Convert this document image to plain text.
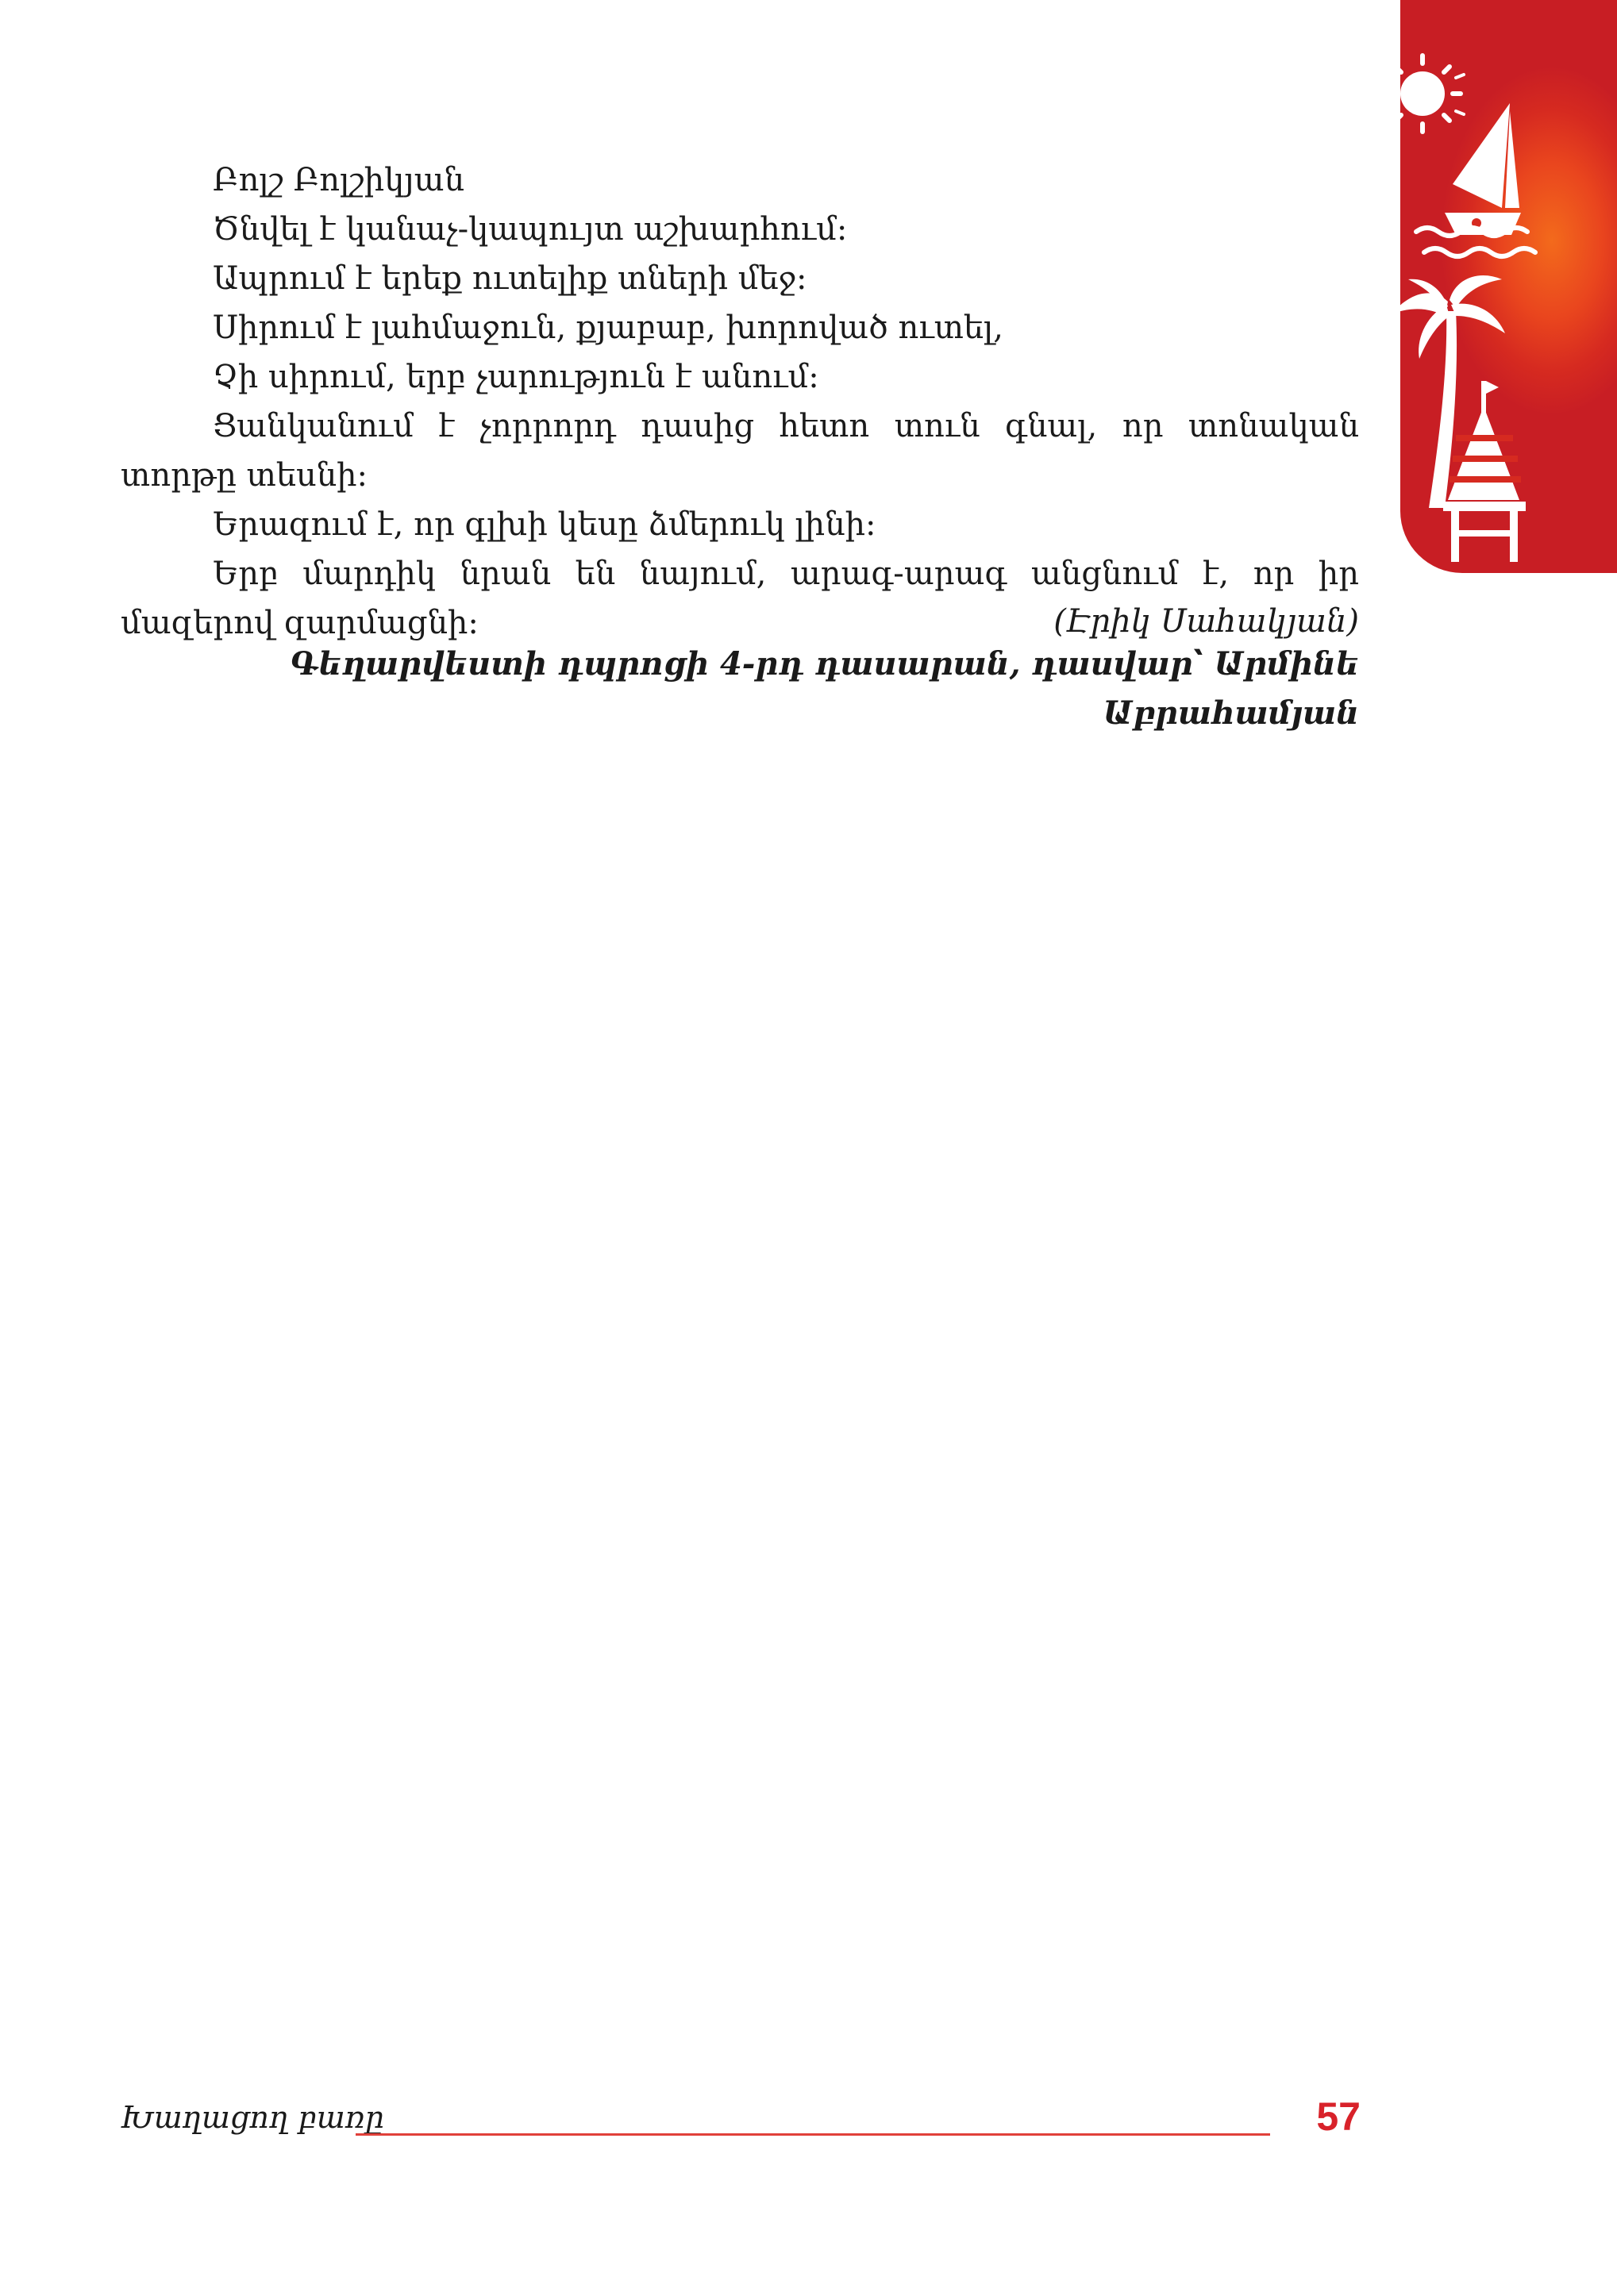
Բոլշ Բոլշիկյան

Ծնվել է կանաչ-կապույտ աշխարհում:

Ապրում է երեք ուտելիք տների մեջ:

Սիրում է լահմաջուն, քյաբաբ, խորոված ուտել,

Չի սիրում, երբ չարություն է անում:

Ցանկանում է չորրորդ դասից հետո տուն գնալ, որ տոնական տորթը տեսնի:

Երազում է, որ գլխի կեսը ձմերուկ լինի:

Երբ մարդիկ նրան են նայում, արագ-արագ անցնում է, որ իր մազերով զարմացնի:	(Էրիկ Սահակյան)
Գեղարվեստի դպրոցի 4-րդ դասարան, դասվար՝ Արմինե Աբրահամյան
Խաղացող բառը	57
